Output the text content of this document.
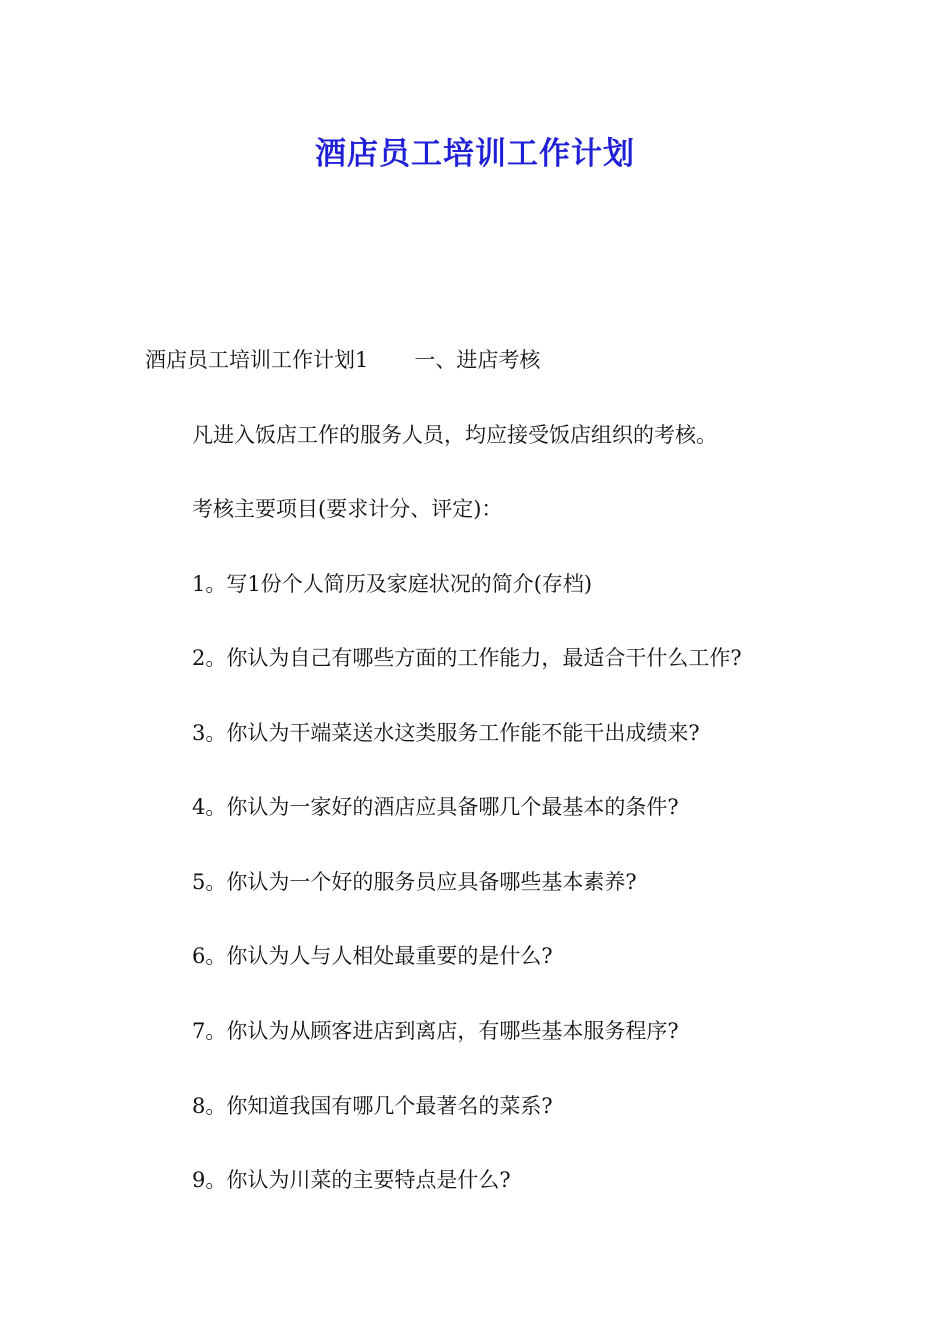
酒店员工培训工作计划

酒店员工培训工作计划1 一、进店考核

凡进入饭店工作的服务人员，均应接受饭店组织的考核。

考核主要项目(要求计分、评定)：

1。写1份个人简历及家庭状况的简介(存档)

2。你认为自己有哪些方面的工作能力，最适合干什么工作?

3。你认为干端菜送水这类服务工作能不能干出成绩来?

4。你认为一家好的酒店应具备哪几个最基本的条件?

5。你认为一个好的服务员应具备哪些基本素养?

6。你认为人与人相处最重要的是什么?

7。你认为从顾客进店到离店，有哪些基本服务程序?

8。你知道我国有哪几个最著名的菜系?

9。你认为川菜的主要特点是什么?
